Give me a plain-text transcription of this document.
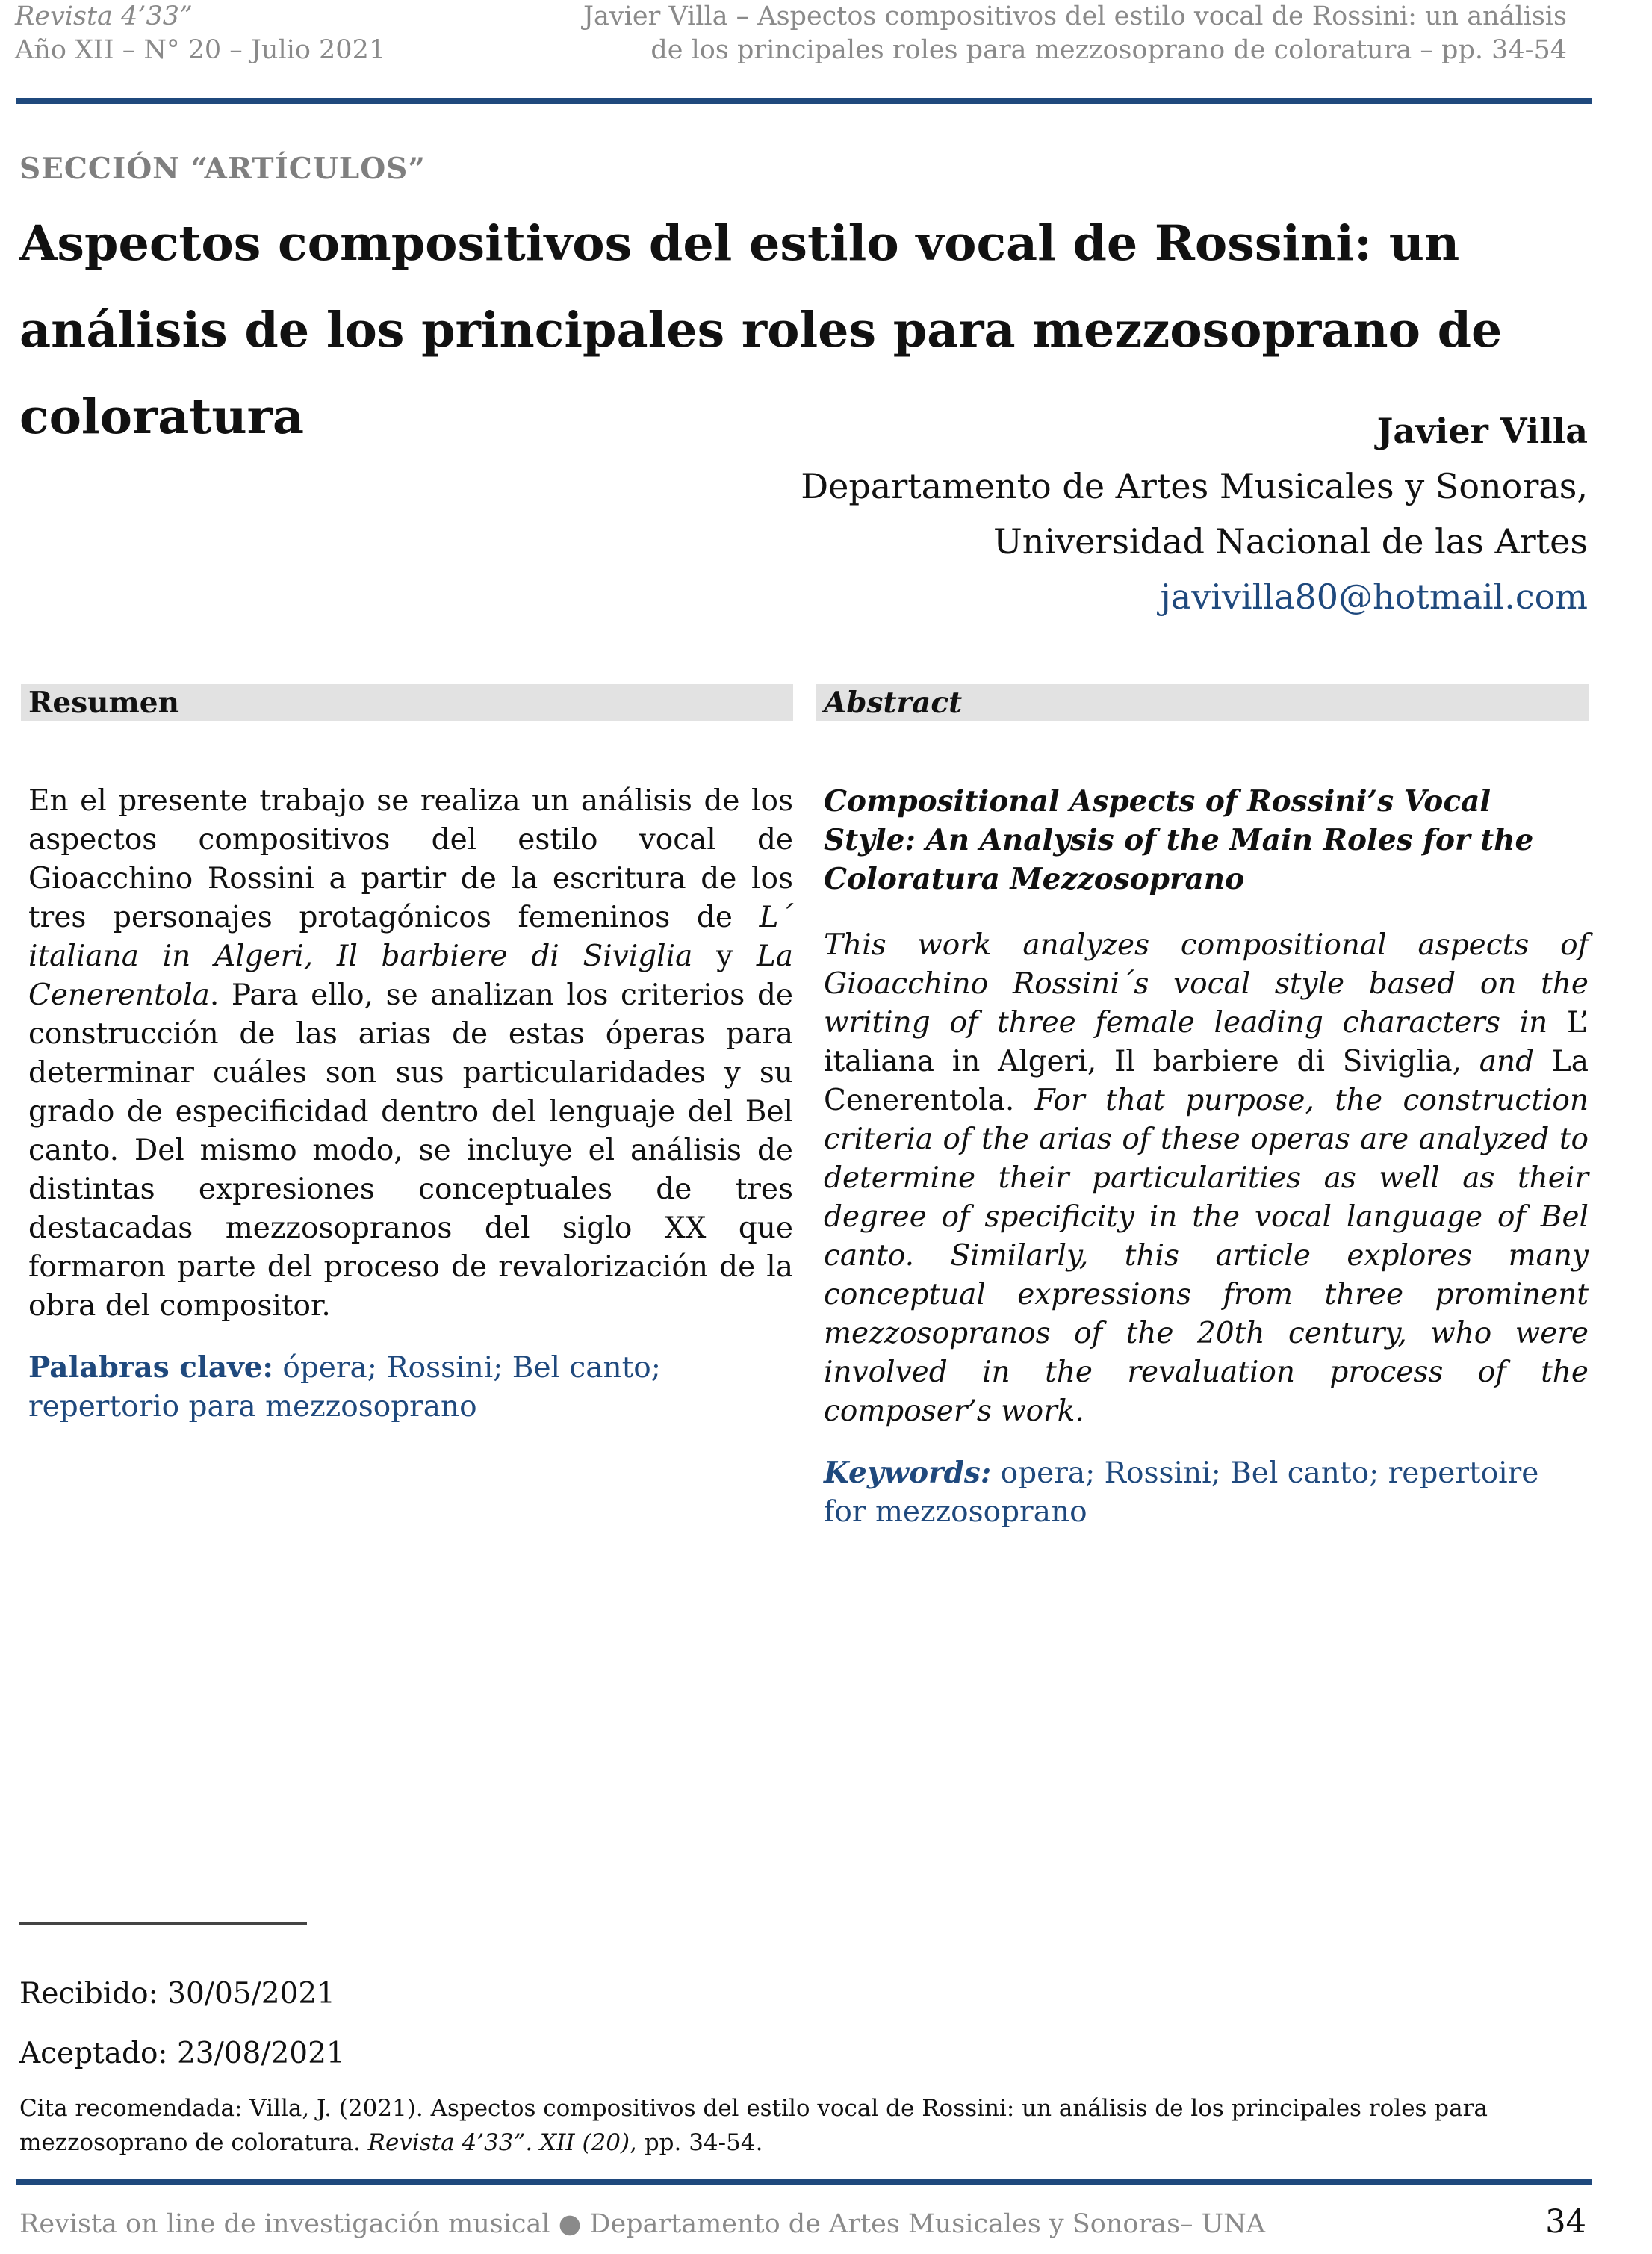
Revista 4’33”
Año XII – N° 20 – Julio 2021
Javier Villa – Aspectos compositivos del estilo vocal de Rossini: un análisis
de los principales roles para mezzosoprano de coloratura – pp. 34-54
SECCIÓN “ARTÍCULOS”
Aspectos compositivos del estilo vocal de Rossini: un análisis de los principales roles para mezzosoprano de coloratura	Javier Villa
Departamento de Artes Musicales y Sonoras,
Universidad Nacional de las Artes
javivilla80@hotmail.com
Resumen
En el presente trabajo se realiza un análisis de los aspectos compositivos del estilo vocal de Gioacchino Rossini a partir de la escritura de los tres personajes protagónicos femeninos de L´ italiana in Algeri, Il barbiere di Siviglia y La Cenerentola. Para ello, se analizan los criterios de construcción de las arias de estas óperas para determinar cuáles son sus particularidades y su grado de especificidad dentro del lenguaje del Bel canto. Del mismo modo, se incluye el análisis de distintas expresiones conceptuales de tres destacadas mezzosopranos del siglo XX que formaron parte del proceso de revalorización de la obra del compositor.
Palabras clave: ópera; Rossini; Bel canto; repertorio para mezzosoprano
Abstract
Compositional Aspects of Rossini’s Vocal Style: An Analysis of the Main Roles for the Coloratura Mezzosoprano
This work analyzes compositional aspects of Gioacchino Rossini´s vocal style based on the writing of three female leading characters in L’ italiana in Algeri, Il barbiere di Siviglia, and La Cenerentola. For that purpose, the construction criteria of the arias of these operas are analyzed to determine their particularities as well as their degree of specificity in the vocal language of Bel canto. Similarly, this article explores many conceptual expressions from three prominent mezzosopranos of the 20th century, who were involved in the revaluation process of the composer’s work.
Keywords: opera; Rossini; Bel canto; repertoire for mezzosoprano
Recibido: 30/05/2021
Aceptado: 23/08/2021
Cita recomendada: Villa, J. (2021). Aspectos compositivos del estilo vocal de Rossini: un análisis de los principales roles para mezzosoprano de coloratura. Revista 4’33”. XII (20), pp. 34-54.
Revista on line de investigación musical ● Departamento de Artes Musicales y Sonoras– UNA	34
